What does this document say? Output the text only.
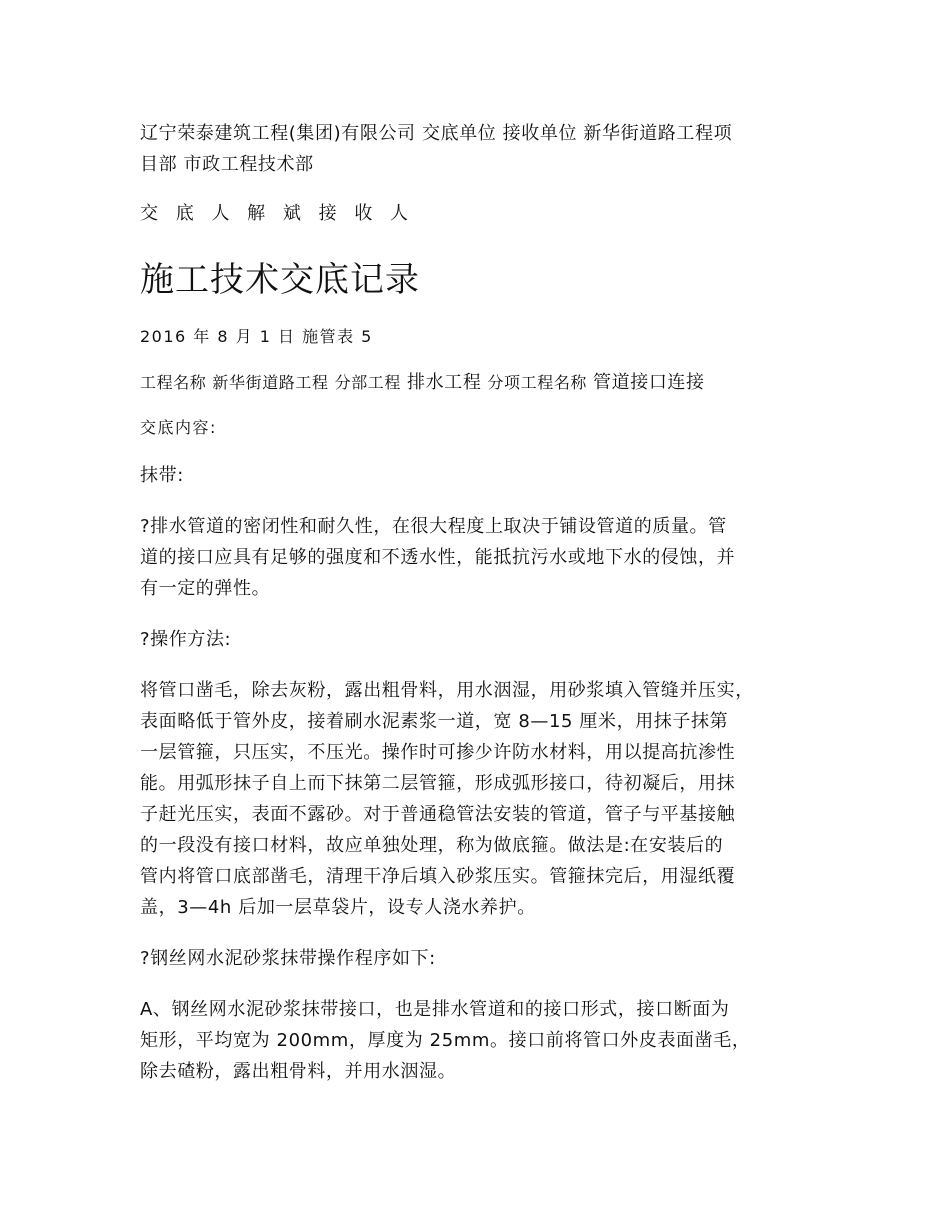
辽宁荣泰建筑工程(集团)有限公司 交底单位 接收单位 新华街道路工程项
目部 市政工程技术部

交 底 人 解 斌 接 收 人

施工技术交底记录

2016 年 8 月 1 日 施管表 5

工程名称 新华街道路工程 分部工程 排水工程 分项工程名称 管道接口连接

交底内容:

抹带:

?排水管道的密闭性和耐久性，在很大程度上取决于铺设管道的质量。管
道的接口应具有足够的强度和不透水性，能抵抗污水或地下水的侵蚀，并
有一定的弹性。

?操作方法:

将管口凿毛，除去灰粉，露出粗骨料，用水洇湿，用砂浆填入管缝并压实，
表面略低于管外皮，接着刷水泥素浆一道，宽 8—15 厘米，用抹子抹第
一层管箍，只压实，不压光。操作时可掺少许防水材料，用以提高抗渗性
能。用弧形抹子自上而下抹第二层管箍，形成弧形接口，待初凝后，用抹
子赶光压实，表面不露砂。对于普通稳管法安装的管道，管子与平基接触
的一段没有接口材料，故应单独处理，称为做底箍。做法是:在安装后的
管内将管口底部凿毛，清理干净后填入砂浆压实。管箍抹完后，用湿纸覆
盖，3—4h 后加一层草袋片，设专人浇水养护。

?钢丝网水泥砂浆抹带操作程序如下:

A、钢丝网水泥砂浆抹带接口，也是排水管道和的接口形式，接口断面为
矩形，平均宽为 200mm，厚度为 25mm。接口前将管口外皮表面凿毛，
除去碴粉，露出粗骨料，并用水洇湿。
